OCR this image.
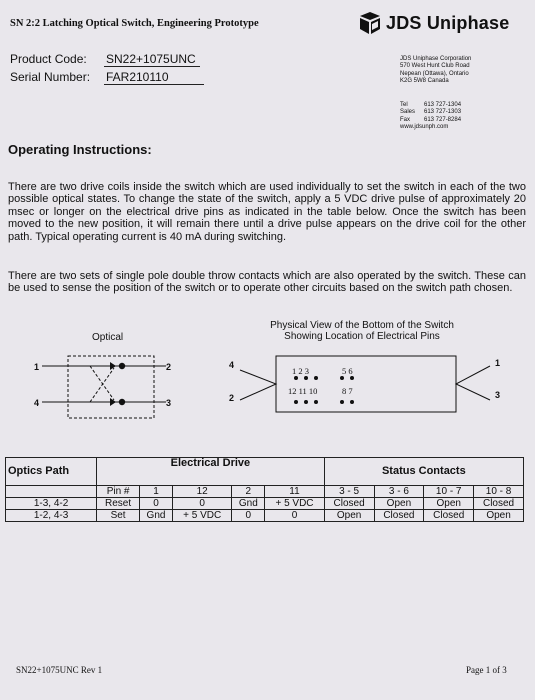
SN 2:2 Latching Optical Switch, Engineering Prototype	JDS Uniphase
Product Code: SN22+1075UNC
Serial Number: FAR210110
JDS Uniphase Corporation
570 West Hunt Club Road
Nepean (Ottawa), Ontario
K2G 5W8 Canada
Tel	613 727-1304
Sales 613 727-1303
Fax 613 727-8284
www.jdsunph.com
Operating Instructions:
There are two drive coils inside the switch which are used individually to set the switch in each of the two possible optical states. To change the state of the switch, apply a 5 VDC drive pulse of approximately 20 msec or longer on the electrical drive pins as indicated in the table below. Once the switch has been moved to the new position, it will remain there until a drive pulse appears on the drive coil for the other path. Typical operating current is 40 mA during switching.
There are two sets of single pole double throw contacts which are also operated by the switch. These can be used to sense the position of the switch or to operate other circuits based on the switch path chosen.
Optical
1	2
3
4
Physical View of the Bottom of the Switch
Showing Location of Electrical Pins
1 2 3	5 6
12 11 10	8 7
4
2
1
3
Optics Path	Electrical Drive					Status Contacts			
	Pin #	1	12	2	11	3 - 5	3 - 6	10 - 7	10 - 8
1-3, 4-2	Reset	0	0	Gnd	+ 5 VDC	Closed	Open	Open	Closed
1-2, 4-3	Set	Gnd	+ 5 VDC	0	0	Open	Closed	Closed	Open
SN22+1075UNC Rev 1	Page 1 of 3
